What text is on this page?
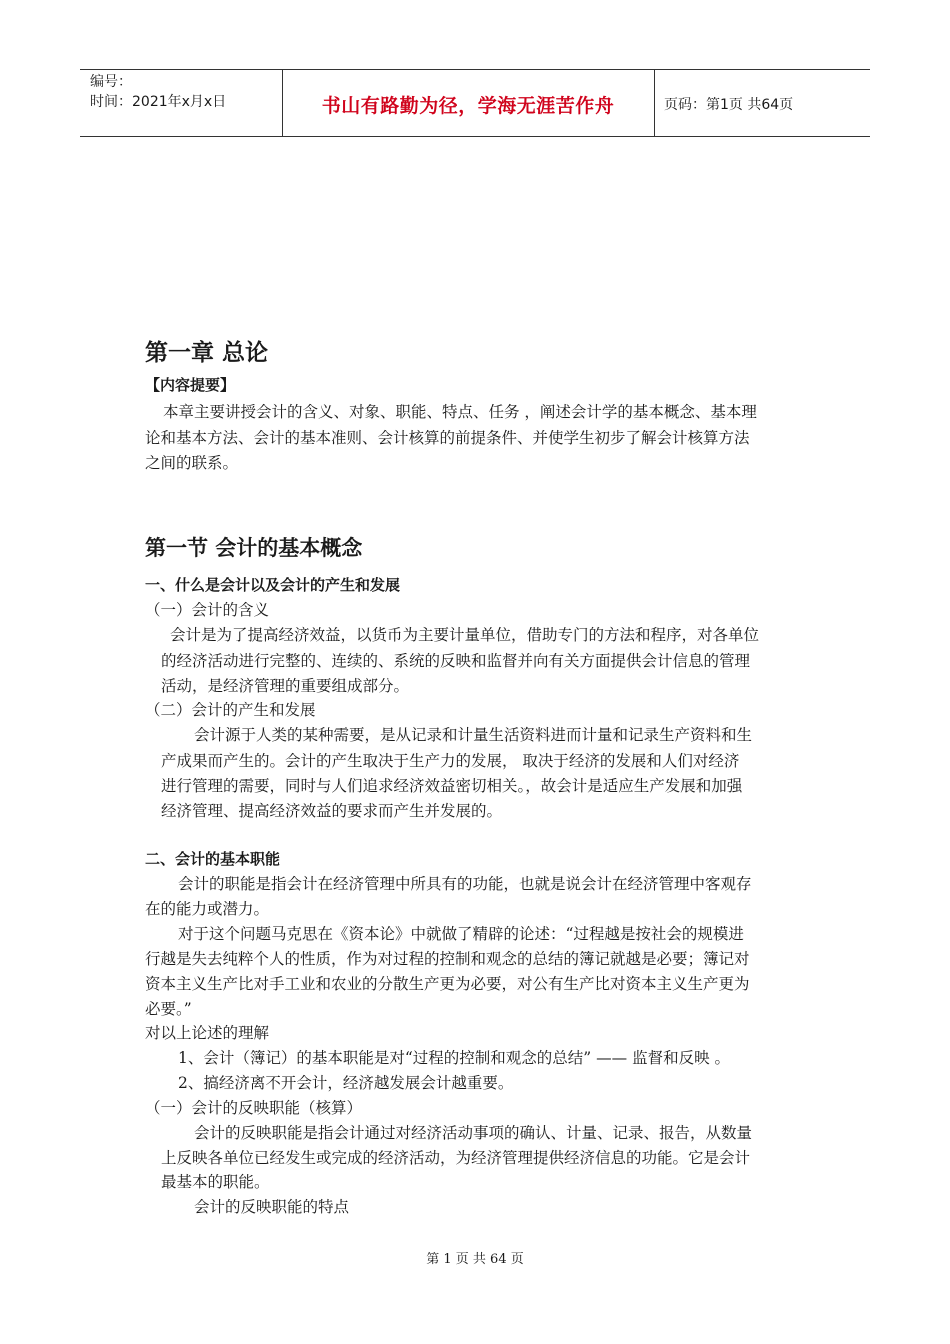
编号：
时间：2021年x月x日	书山有路勤为径，学海无涯苦作舟	页码：第1页 共64页
第一章 总论
【内容提要】
本章主要讲授会计的含义、对象、职能、特点、任务 ，阐述会计学的基本概念、基本理
论和基本方法、会计的基本准则、会计核算的前提条件、并使学生初步了解会计核算方法
之间的联系。
第一节 会计的基本概念
一、什么是会计以及会计的产生和发展
（一）会计的含义
会计是为了提高经济效益，以货币为主要计量单位，借助专门的方法和程序，对各单位
的经济活动进行完整的、连续的、系统的反映和监督并向有关方面提供会计信息的管理
活动，是经济管理的重要组成部分。
（二）会计的产生和发展
会计源于人类的某种需要，是从记录和计量生活资料进而计量和记录生产资料和生
产成果而产生的。会计的产生取决于生产力的发展， 取决于经济的发展和人们对经济
进行管理的需要，同时与人们追求经济效益密切相关。，故会计是适应生产发展和加强
经济管理、提高经济效益的要求而产生并发展的。
二、会计的基本职能
会计的职能是指会计在经济管理中所具有的功能，也就是说会计在经济管理中客观存
在的能力或潜力。
对于这个问题马克思在《资本论》中就做了精辟的论述：“过程越是按社会的规模进
行越是失去纯粹个人的性质，作为对过程的控制和观念的总结的簿记就越是必要；簿记对
资本主义生产比对手工业和农业的分散生产更为必要，对公有生产比对资本主义生产更为
必要。”
对以上论述的理解
1、会计（簿记）的基本职能是对“过程的控制和观念的总结” —— 监督和反映 。
2、搞经济离不开会计，经济越发展会计越重要。
（一）会计的反映职能（核算）
会计的反映职能是指会计通过对经济活动事项的确认、计量、记录、报告，从数量
上反映各单位已经发生或完成的经济活动，为经济管理提供经济信息的功能。它是会计
最基本的职能。
会计的反映职能的特点
第 1 页 共 64 页
